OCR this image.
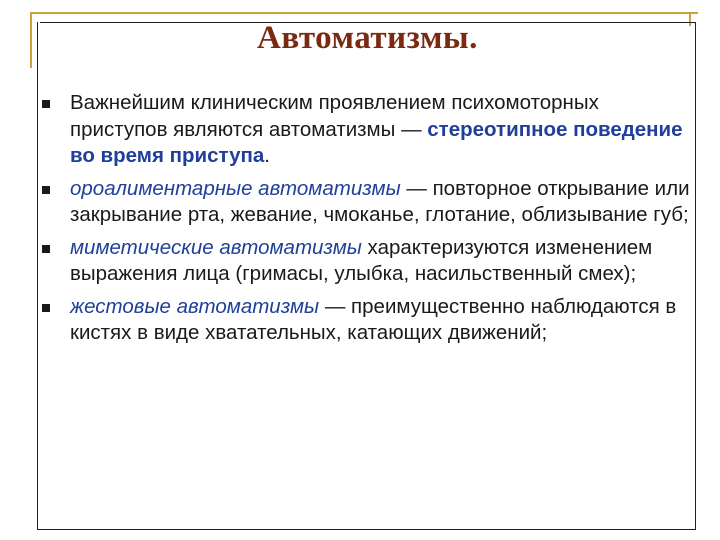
Автоматизмы.
Важнейшим клиническим проявлением психомоторных приступов являются автоматизмы — стереотипное поведение во время приступа.
ороалиментарные автоматизмы — повторное открывание или закрывание рта, жевание, чмоканье, глотание, облизывание губ;
миметические автоматизмы характеризуются изменением выражения лица (гримасы, улыбка, насильственный смех);
жестовые автоматизмы — преимущественно наблюдаются в кистях в виде хватательных, катающих движений;
